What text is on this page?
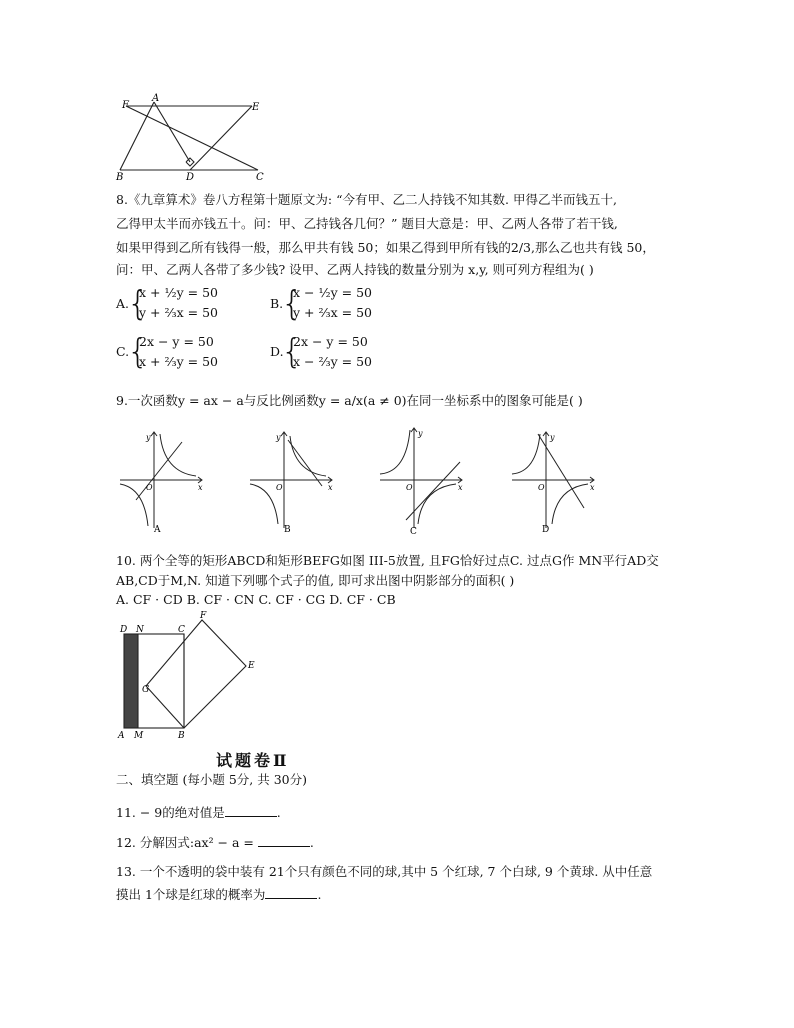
F
A
E
B	D	C
8.《九章算术》卷八方程第十题原文为: “今有甲、乙二人持钱不知其数. 甲得乙半而钱五十,
乙得甲太半而亦钱五十。问：甲、乙持钱各几何？” 题目大意是：甲、乙两人各带了若干钱,
如果甲得到乙所有钱得一般，那么甲共有钱 50；如果乙得到甲所有钱的2/3,那么乙也共有钱 50，
问：甲、乙两人各带了多少钱? 设甲、乙两人持钱的数量分别为 x,y, 则可列方程组为( )
A.
{
x + ½y = 50
y + ⅔x = 50
B.
{
x − ½y = 50
y + ⅔x = 50
C.
{
2x − y = 50
x + ⅔y = 50
D.
{
2x − y = 50
x − ⅔y = 50
9.一次函数y = ax − a与反比例函数y = a/x(a ≠ 0)在同一坐标系中的图象可能是( )
y
x
O
A
y
x
O
B
y
x
O
C
y
x
O
D
10. 两个全等的矩形ABCD和矩形BEFG如图 III-5放置, 且FG恰好过点C. 过点G作 MN平行AD交
AB,CD于M,N. 知道下列哪个式子的值, 即可求出图中阴影部分的面积( )
A. CF · CD B. CF · CN C. CF · CG D. CF · CB
D N	C
F
E
G
A M	B
试题卷Ⅱ
二、填空题 (每小题 5分, 共 30分)
11. − 9的绝对值是	.
12. 分解因式:ax² − a =	.
13. 一个不透明的袋中装有 21个只有颜色不同的球,其中 5 个红球, 7 个白球, 9 个黄球. 从中任意
摸出 1个球是红球的概率为	.
